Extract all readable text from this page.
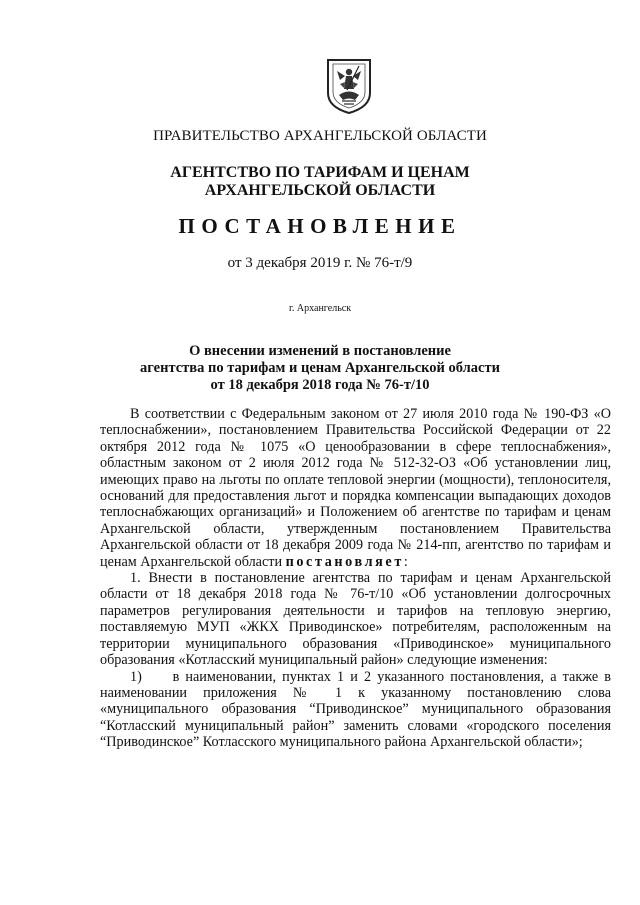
ПРАВИТЕЛЬСТВО АРХАНГЕЛЬСКОЙ ОБЛАСТИ
АГЕНТСТВО ПО ТАРИФАМ И ЦЕНАМ
АРХАНГЕЛЬСКОЙ ОБЛАСТИ
ПОСТАНОВЛЕНИЕ
от 3 декабря 2019 г. № 76-т/9
г. Архангельск
О внесении изменений в постановление
агентства по тарифам и ценам Архангельской области
от 18 декабря 2018 года № 76-т/10

В соответствии с Федеральным законом от 27 июля 2010 года № 190-ФЗ «О теплоснабжении», постановлением Правительства Российской Федерации от 22 октября 2012 года № 1075 «О ценообразовании в сфере теплоснабжения», областным законом от 2 июля 2012 года № 512-32-ОЗ «Об установлении лиц, имеющих право на льготы по оплате тепловой энергии (мощности), теплоносителя, оснований для предоставления льгот и порядка компенсации выпадающих доходов теплоснабжающих организаций» и Положением об агентстве по тарифам и ценам Архангельской области, утвержденным постановлением Правительства Архангельской области от 18 декабря 2009 года № 214-пп, агентство по тарифам и ценам Архангельской области постановляет:

1. Внести в постановление агентства по тарифам и ценам Архангельской области от 18 декабря 2018 года № 76-т/10 «Об установлении долгосрочных параметров регулирования деятельности и тарифов на тепловую энергию, поставляемую МУП «ЖКХ Приводинское» потребителям, расположенным на территории муниципального образования «Приводинское» муниципального образования «Котласский муниципальный район» следующие изменения:

1)     в наименовании, пунктах 1 и 2 указанного постановления, а также в наименовании приложения № 1 к указанному постановлению слова «муниципального образования “Приводинское” муниципального образования “Котласский муниципальный район” заменить словами «городского поселения “Приводинское” Котласского муниципального района Архангельской области»;
